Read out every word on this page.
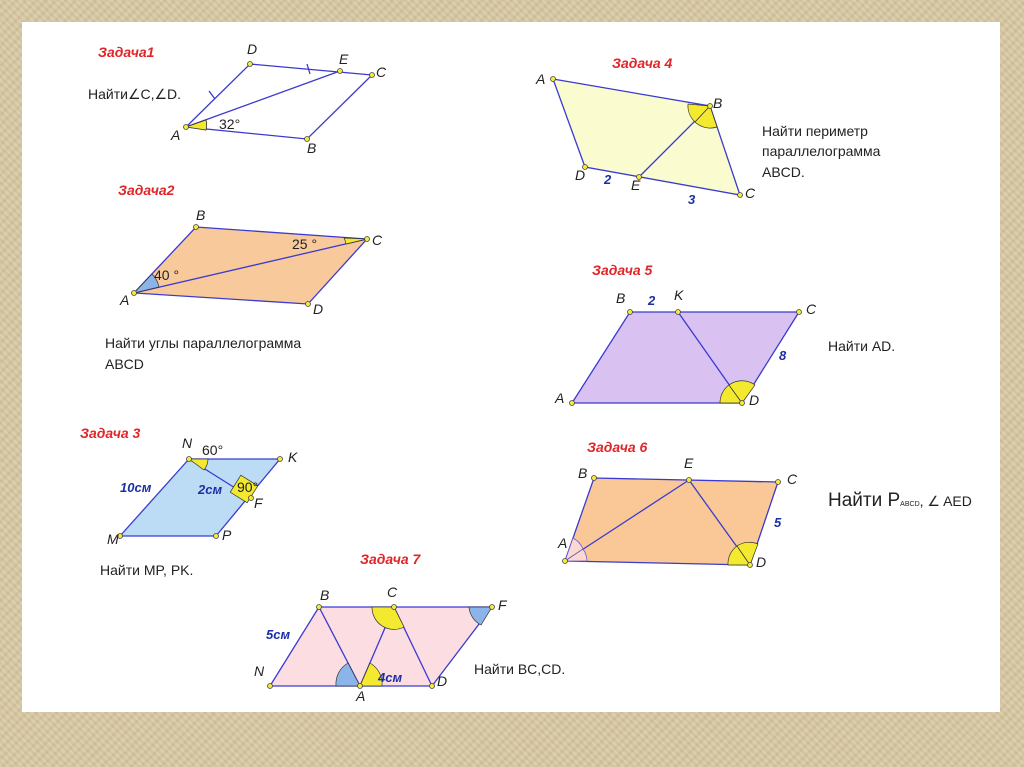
Задача1
Найти∠C,∠D.
32°
A
D
E
C
B
Задача2
40 °
25 °
A
B
C
D
Найти углы параллелограмма
ABCD
Задача 3
60°
90°
10см	2см
M
N
K
P
F
Найти MP, PK.
Задача 4
A
B
C
D
E
2
3
Найти периметр
параллелограмма
ABCD.
Задача 5
A
B	K
C
D
2
8
Найти AD.
Задача 6
A
B
E
C
D
5
Найти PABCD, ∠ AED
Задача 7
N
B	C
F
A
D
5см
4см
Найти BC,CD.
